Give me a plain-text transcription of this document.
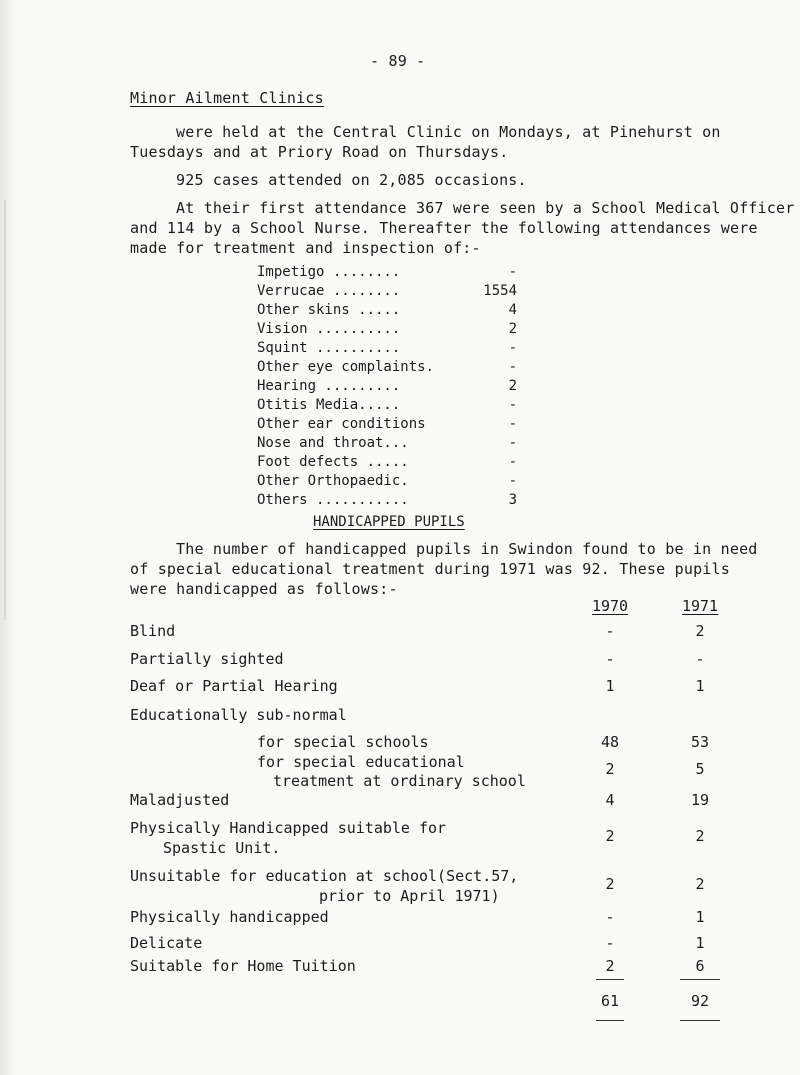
- 89 -
Minor Ailment Clinics
were held at the Central Clinic on Mondays, at Pinehurst on
Tuesdays and at Priory Road on Thursdays.
925 cases attended on 2,085 occasions.
At their first attendance 367 were seen by a School Medical Officer
and 114 by a School Nurse. Thereafter the following attendances were
made for treatment and inspection of:-
Impetigo ........	-
Verrucae ........	1554
Other skins .....	4
Vision ..........	2
Squint ..........	-
Other eye complaints.	-
Hearing .........	2
Otitis Media.....	-
Other ear conditions	-
Nose and throat...	-
Foot defects .....	-
Other Orthopaedic.	-
Others ...........	3
HANDICAPPED PUPILS
The number of handicapped pupils in Swindon found to be in need
of special educational treatment during 1971 was 92. These pupils
were handicapped as follows:-
1970	1971
Blind	-	2
Partially sighted	-	-
Deaf or Partial Hearing	1	1
Educationally sub-normal
for special schools	48	53
for special educational	2	5
treatment at ordinary school
Maladjusted	4	19
Physically Handicapped suitable for	2	2
Spastic Unit.
Unsuitable for education at school(Sect.57,	2	2
prior to April 1971)
Physically handicapped	-	1
Delicate	-	1
Suitable for Home Tuition	2	6
61	92
